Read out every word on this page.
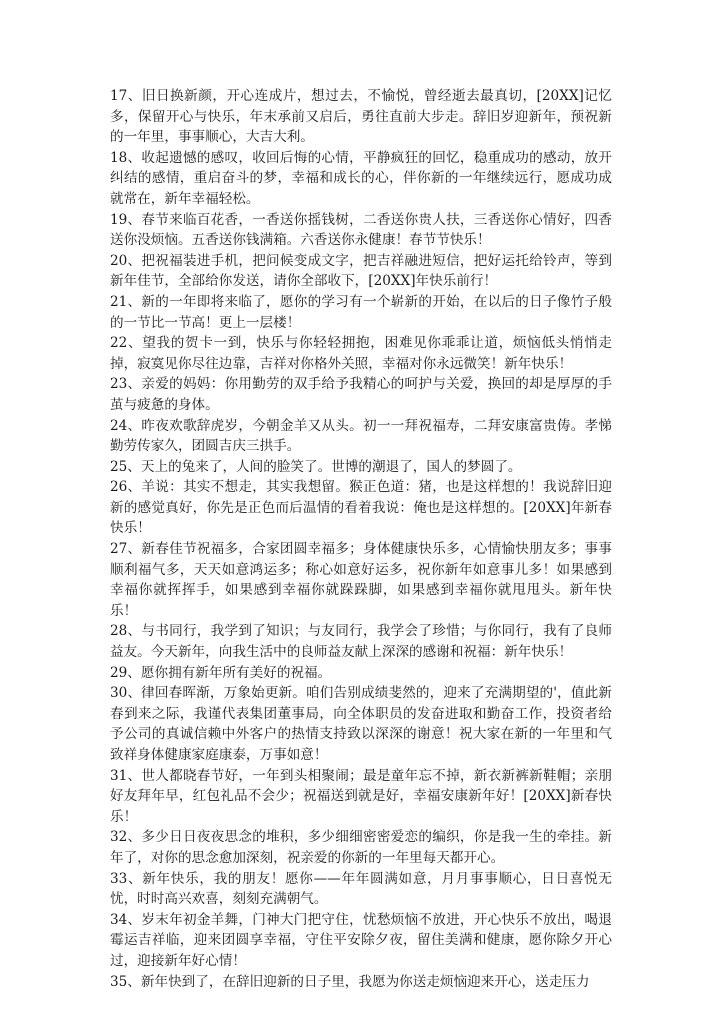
17、旧日换新颜，开心连成片，想过去，不愉悦，曾经逝去最真切，[20XX]记忆多，保留开心与快乐，年末承前又启后，勇往直前大步走。辞旧岁迎新年，预祝新的一年里，事事顺心，大吉大利。

18、收起遗憾的感叹，收回后悔的心情，平静疯狂的回忆，稳重成功的感动，放开纠结的感情，重启奋斗的梦，幸福和成长的心，伴你新的一年继续远行，愿成功成就常在，新年幸福轻松。

19、春节来临百花香，一香送你摇钱树，二香送你贵人扶，三香送你心情好，四香送你没烦恼。五香送你钱满箱。六香送你永健康！春节节快乐！

20、把祝福装进手机，把问候变成文字，把吉祥融进短信，把好运托给铃声，等到新年佳节，全部给你发送，请你全部收下，[20XX]年快乐前行！

21、新的一年即将来临了，愿你的学习有一个崭新的开始，在以后的日子像竹子般的一节比一节高！更上一层楼！

22、望我的贺卡一到，快乐与你轻轻拥抱，困难见你乖乖让道，烦恼低头悄悄走掉，寂寞见你尽往边靠，吉祥对你格外关照，幸福对你永远微笑！新年快乐！

23、亲爱的妈妈：你用勤劳的双手给予我精心的呵护与关爱，换回的却是厚厚的手茧与疲惫的身体。

24、昨夜欢歌辞虎岁，今朝金羊又从头。初一一拜祝福寿，二拜安康富贵俦。孝悌勤劳传家久，团圆吉庆三拱手。

25、天上的兔来了，人间的脸笑了。世博的潮退了，国人的梦圆了。

26、羊说：其实不想走，其实我想留。猴正色道：猪，也是这样想的！我说辞旧迎新的感觉真好，你先是正色而后温情的看着我说：俺也是这样想的。[20XX]年新春快乐！

27、新春佳节祝福多，合家团圆幸福多；身体健康快乐多，心情愉快朋友多；事事顺利福气多，天天如意鸿运多；称心如意好运多，祝你新年如意事儿多！如果感到幸福你就挥挥手，如果感到幸福你就跺跺脚，如果感到幸福你就甩甩头。新年快乐！

28、与书同行，我学到了知识；与友同行，我学会了珍惜；与你同行，我有了良师益友。今天新年，向我生活中的良师益友献上深深的感谢和祝福：新年快乐！

29、愿你拥有新年所有美好的祝福。

30、律回春晖渐，万象始更新。咱们告别成绩斐然的，迎来了充满期望的'，值此新春到来之际，我谨代表集团董事局，向全体职员的发奋进取和勤奋工作，投资者给予公司的真诚信赖中外客户的热情支持致以深深的谢意！祝大家在新的一年里和气致祥身体健康家庭康泰，万事如意！

31、世人都晓春节好，一年到头相聚闹；最是童年忘不掉，新衣新裤新鞋帽；亲朋好友拜年早，红包礼品不会少；祝福送到就是好，幸福安康新年好！[20XX]新春快乐！

32、多少日日夜夜思念的堆积，多少细细密密爱恋的编织，你是我一生的牵挂。新年了，对你的思念愈加深刻，祝亲爱的你新的一年里每天都开心。

33、新年快乐，我的朋友！愿你——年年圆满如意，月月事事顺心，日日喜悦无忧，时时高兴欢喜，刻刻充满朝气。

34、岁末年初金羊舞，门神大门把守住，忧愁烦恼不放进，开心快乐不放出，喝退霉运吉祥临，迎来团圆享幸福，守住平安除夕夜，留住美满和健康，愿你除夕开心过，迎接新年好心情！

35、新年快到了，在辞旧迎新的日子里，我愿为你送走烦恼迎来开心，送走压力
